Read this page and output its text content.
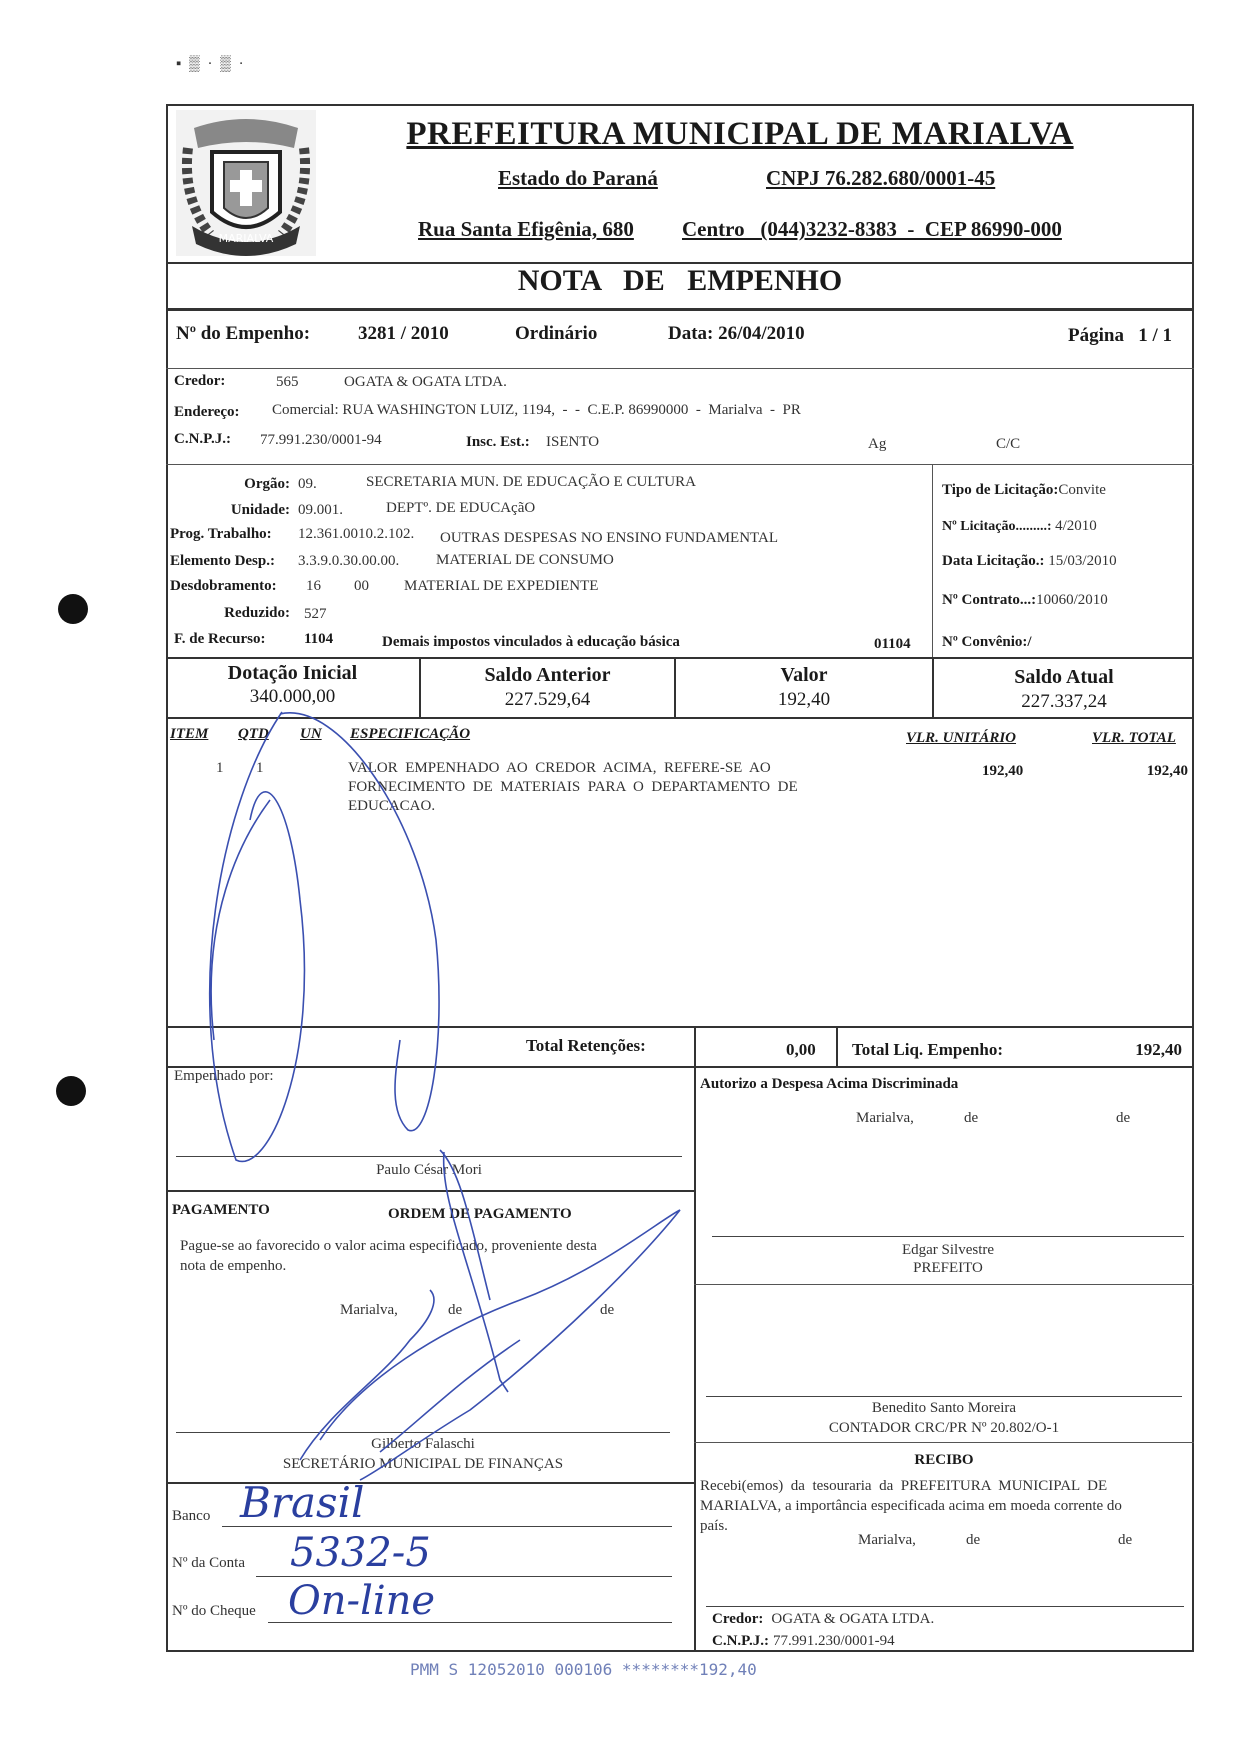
▪ ▒ · ▒ ·
MARIALVA
PREFEITURA MUNICIPAL DE MARIALVA
Estado do Paraná	CNPJ 76.282.680/0001-45
Rua Santa Efigênia, 680 Centro   (044)3232-8383  -  CEP 86990-000
NOTA   DE   EMPENHO
Nº do Empenho:	3281 / 2010	Ordinário	Data: 26/04/2010	Página   1 / 1
Credor:	565	OGATA & OGATA LTDA.
Endereço: Comercial: RUA WASHINGTON LUIZ, 1194,  -  -  C.E.P. 86990000  -  Marialva  -  PR
C.N.P.J.: 77.991.230/0001-94	Insc. Est.: ISENTO	Ag	C/C
Orgão: 09.	SECRETARIA MUN. DE EDUCAÇÃO E CULTURA
Unidade: 09.001.	DEPTº. DE EDUCAçãO
Prog. Trabalho: 12.361.0010.2.102. OUTRAS DESPESAS NO ENSINO FUNDAMENTAL
Elemento Desp.: 3.3.9.0.30.00.00. MATERIAL DE CONSUMO
Desdobramento: 16 00 MATERIAL DE EXPEDIENTE
Reduzido: 527
F. de Recurso:	1104	Demais impostos vinculados à educação básica	01104
Tipo de Licitação:Convite
Nº Licitação.........: 4/2010
Data Licitação.: 15/03/2010
Nº Contrato...:10060/2010
Nº Convênio:/
Dotação Inicial
340.000,00
Saldo Anterior
227.529,64
Valor
192,40
Saldo Atual
227.337,24
ITEM QTD UN ESPECIFICAÇÃO	VLR. UNITÁRIO	VLR. TOTAL
1 1	VALOR  EMPENHADO  AO  CREDOR  ACIMA,  REFERE-SE  AO
FORNECIMENTO  DE  MATERIAIS  PARA  O  DEPARTAMENTO  DE
EDUCACAO.
192,40	192,40
Total Retenções:	0,00 Total Liq. Empenho:	192,40
Empenhado por:
Paulo César Mori
PAGAMENTO	ORDEM DE PAGAMENTO
Pague-se ao favorecido o valor acima especificado, proveniente desta
nota de empenho.
Marialva,	de	de
Gilberto Falaschi
SECRETÁRIO MUNICIPAL DE FINANÇAS
Banco Brasil
Nº da Conta 5332-5
Nº do Cheque On-line
Autorizo a Despesa Acima Discriminada
Marialva,	de	de
Edgar Silvestre
PREFEITO
Benedito Santo Moreira
CONTADOR CRC/PR Nº 20.802/O-1
RECIBO
Recebi(emos)  da  tesouraria  da  PREFEITURA  MUNICIPAL  DE
MARIALVA, a importância especificada acima em moeda corrente do
país.
Marialva,	de	de
Credor: OGATA & OGATA LTDA.
C.N.P.J.: 77.991.230/0001-94
PMM S 12052010 000106 ********192,40
